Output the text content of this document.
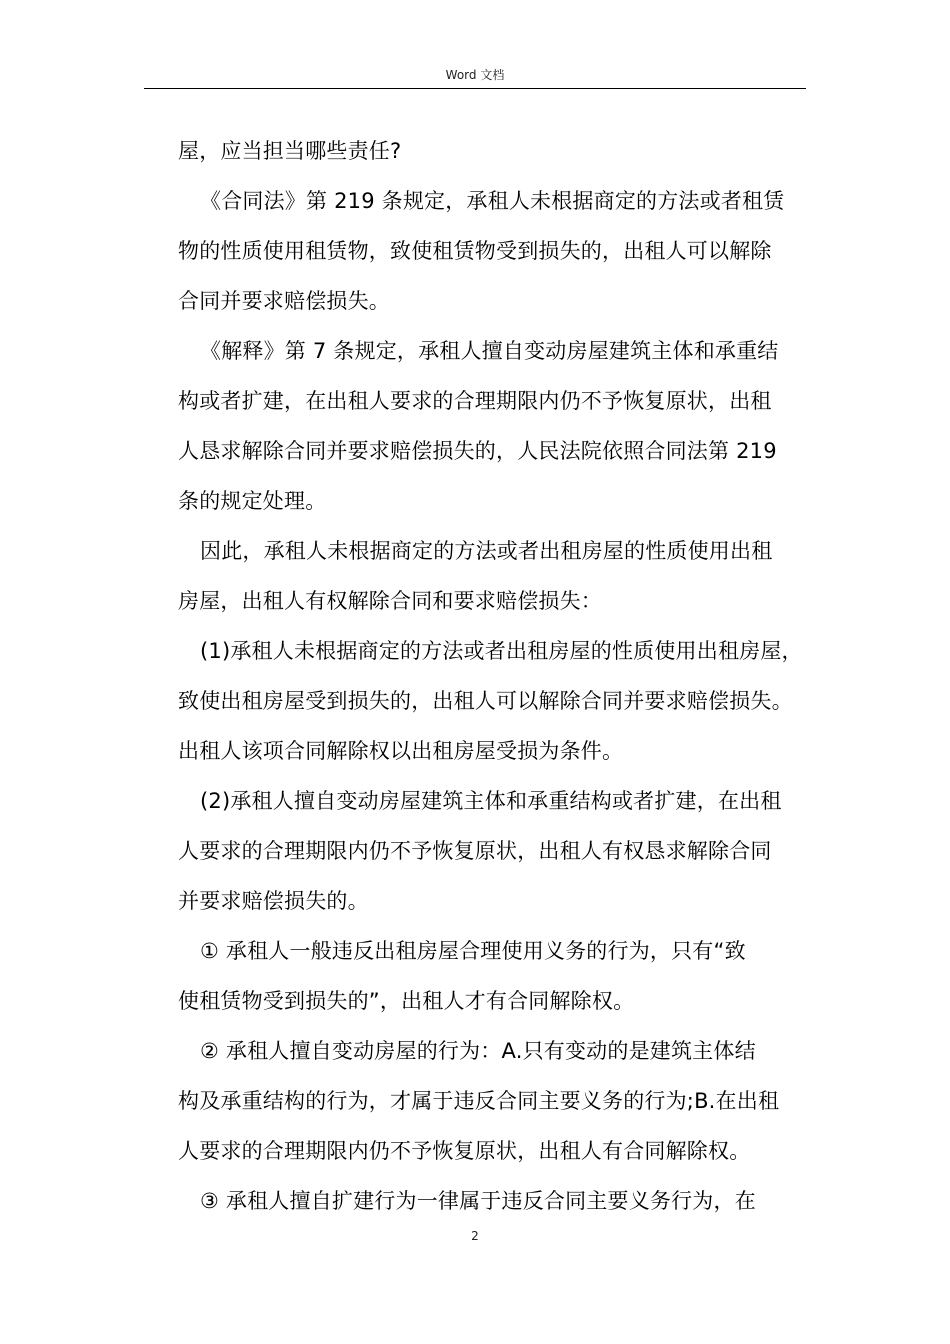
Word 文档
屋，应当担当哪些责任?
《合同法》第 219 条规定，承租人未根据商定的方法或者租赁
物的性质使用租赁物，致使租赁物受到损失的，出租人可以解除
合同并要求赔偿损失。
《解释》第 7 条规定，承租人擅自变动房屋建筑主体和承重结
构或者扩建，在出租人要求的合理期限内仍不予恢复原状，出租
人恳求解除合同并要求赔偿损失的，人民法院依照合同法第 219
条的规定处理。
因此，承租人未根据商定的方法或者出租房屋的性质使用出租
房屋，出租人有权解除合同和要求赔偿损失：
(1)承租人未根据商定的方法或者出租房屋的性质使用出租房屋，
致使出租房屋受到损失的，出租人可以解除合同并要求赔偿损失。
出租人该项合同解除权以出租房屋受损为条件。
(2)承租人擅自变动房屋建筑主体和承重结构或者扩建，在出租
人要求的合理期限内仍不予恢复原状，出租人有权恳求解除合同
并要求赔偿损失的。
① 承租人一般违反出租房屋合理使用义务的行为，只有“致
使租赁物受到损失的”，出租人才有合同解除权。
② 承租人擅自变动房屋的行为：A.只有变动的是建筑主体结
构及承重结构的行为，才属于违反合同主要义务的行为;B.在出租
人要求的合理期限内仍不予恢复原状，出租人有合同解除权。
③ 承租人擅自扩建行为一律属于违反合同主要义务行为，在
2
